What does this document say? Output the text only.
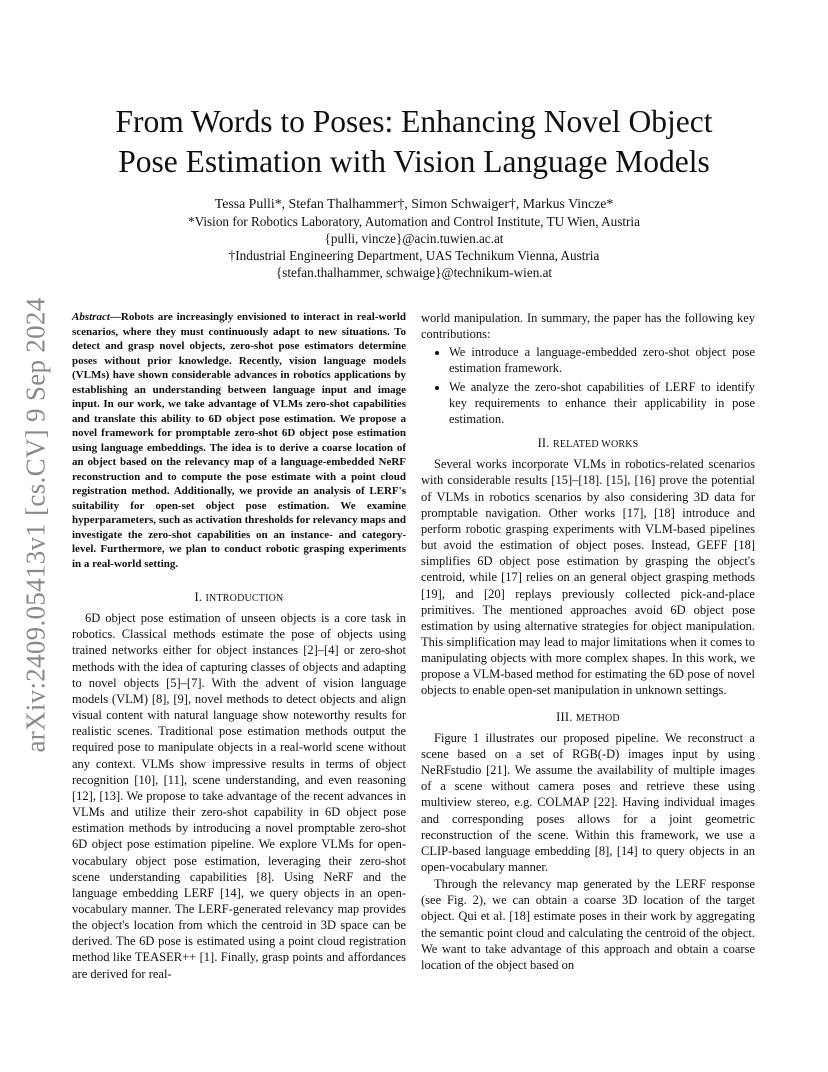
arXiv:2409.05413v1 [cs.CV] 9 Sep 2024
From Words to Poses: Enhancing Novel Object
Pose Estimation with Vision Language Models
Tessa Pulli*, Stefan Thalhammer†, Simon Schwaiger†, Markus Vincze*
*Vision for Robotics Laboratory, Automation and Control Institute, TU Wien, Austria
{pulli, vincze}@acin.tuwien.ac.at
†Industrial Engineering Department, UAS Technikum Vienna, Austria
{stefan.thalhammer, schwaige}@technikum-wien.at

Abstract—Robots are increasingly envisioned to interact in real-world scenarios, where they must continuously adapt to new situations. To detect and grasp novel objects, zero-shot pose estimators determine poses without prior knowledge. Recently, vision language models (VLMs) have shown considerable advances in robotics applications by establishing an understanding between language input and image input. In our work, we take advantage of VLMs zero-shot capabilities and translate this ability to 6D object pose estimation. We propose a novel framework for promptable zero-shot 6D object pose estimation using language embeddings. The idea is to derive a coarse location of an object based on the relevancy map of a language-embedded NeRF reconstruction and to compute the pose estimate with a point cloud registration method. Additionally, we provide an analysis of LERF's suitability for open-set object pose estimation. We examine hyperparameters, such as activation thresholds for relevancy maps and investigate the zero-shot capabilities on an instance- and category-level. Furthermore, we plan to conduct robotic grasping experiments in a real-world setting.

I. INTRODUCTION

6D object pose estimation of unseen objects is a core task in robotics. Classical methods estimate the pose of objects using trained networks either for object instances [2]–[4] or zero-shot methods with the idea of capturing classes of objects and adapting to novel objects [5]–[7]. With the advent of vision language models (VLM) [8], [9], novel methods to detect objects and align visual content with natural language show noteworthy results for realistic scenes. Traditional pose estimation methods output the required pose to manipulate objects in a real-world scene without any context. VLMs show impressive results in terms of object recognition [10], [11], scene understanding, and even reasoning [12], [13]. We propose to take advantage of the recent advances in VLMs and utilize their zero-shot capability in 6D object pose estimation methods by introducing a novel promptable zero-shot 6D object pose estimation pipeline. We explore VLMs for open-vocabulary object pose estimation, leveraging their zero-shot scene understanding capabilities [8]. Using NeRF and the language embedding LERF [14], we query objects in an open-vocabulary manner. The LERF-generated relevancy map provides the object's location from which the centroid in 3D space can be derived. The 6D pose is estimated using a point cloud registration method like TEASER++ [1]. Finally, grasp points and affordances are derived for real-

world manipulation. In summary, the paper has the following key contributions:

• We introduce a language-embedded zero-shot object pose estimation framework.
• We analyze the zero-shot capabilities of LERF to identify key requirements to enhance their applicability in pose estimation.
II. RELATED WORKS

Several works incorporate VLMs in robotics-related scenarios with considerable results [15]–[18]. [15], [16] prove the potential of VLMs in robotics scenarios by also considering 3D data for promptable navigation. Other works [17], [18] introduce and perform robotic grasping experiments with VLM-based pipelines but avoid the estimation of object poses. Instead, GEFF [18] simplifies 6D object pose estimation by grasping the object's centroid, while [17] relies on an general object grasping methods [19], and [20] replays previously collected pick-and-place primitives. The mentioned approaches avoid 6D object pose estimation by using alternative strategies for object manipulation. This simplification may lead to major limitations when it comes to manipulating objects with more complex shapes. In this work, we propose a VLM-based method for estimating the 6D pose of novel objects to enable open-set manipulation in unknown settings.

III. METHOD

Figure 1 illustrates our proposed pipeline. We reconstruct a scene based on a set of RGB(-D) images input by using NeRFstudio [21]. We assume the availability of multiple images of a scene without camera poses and retrieve these using multiview stereo, e.g. COLMAP [22]. Having individual images and corresponding poses allows for a joint geometric reconstruction of the scene. Within this framework, we use a CLIP-based language embedding [8], [14] to query objects in an open-vocabulary manner.

Through the relevancy map generated by the LERF response (see Fig. 2), we can obtain a coarse 3D location of the target object. Qui et al. [18] estimate poses in their work by aggregating the semantic point cloud and calculating the centroid of the object. We want to take advantage of this approach and obtain a coarse location of the object based on
